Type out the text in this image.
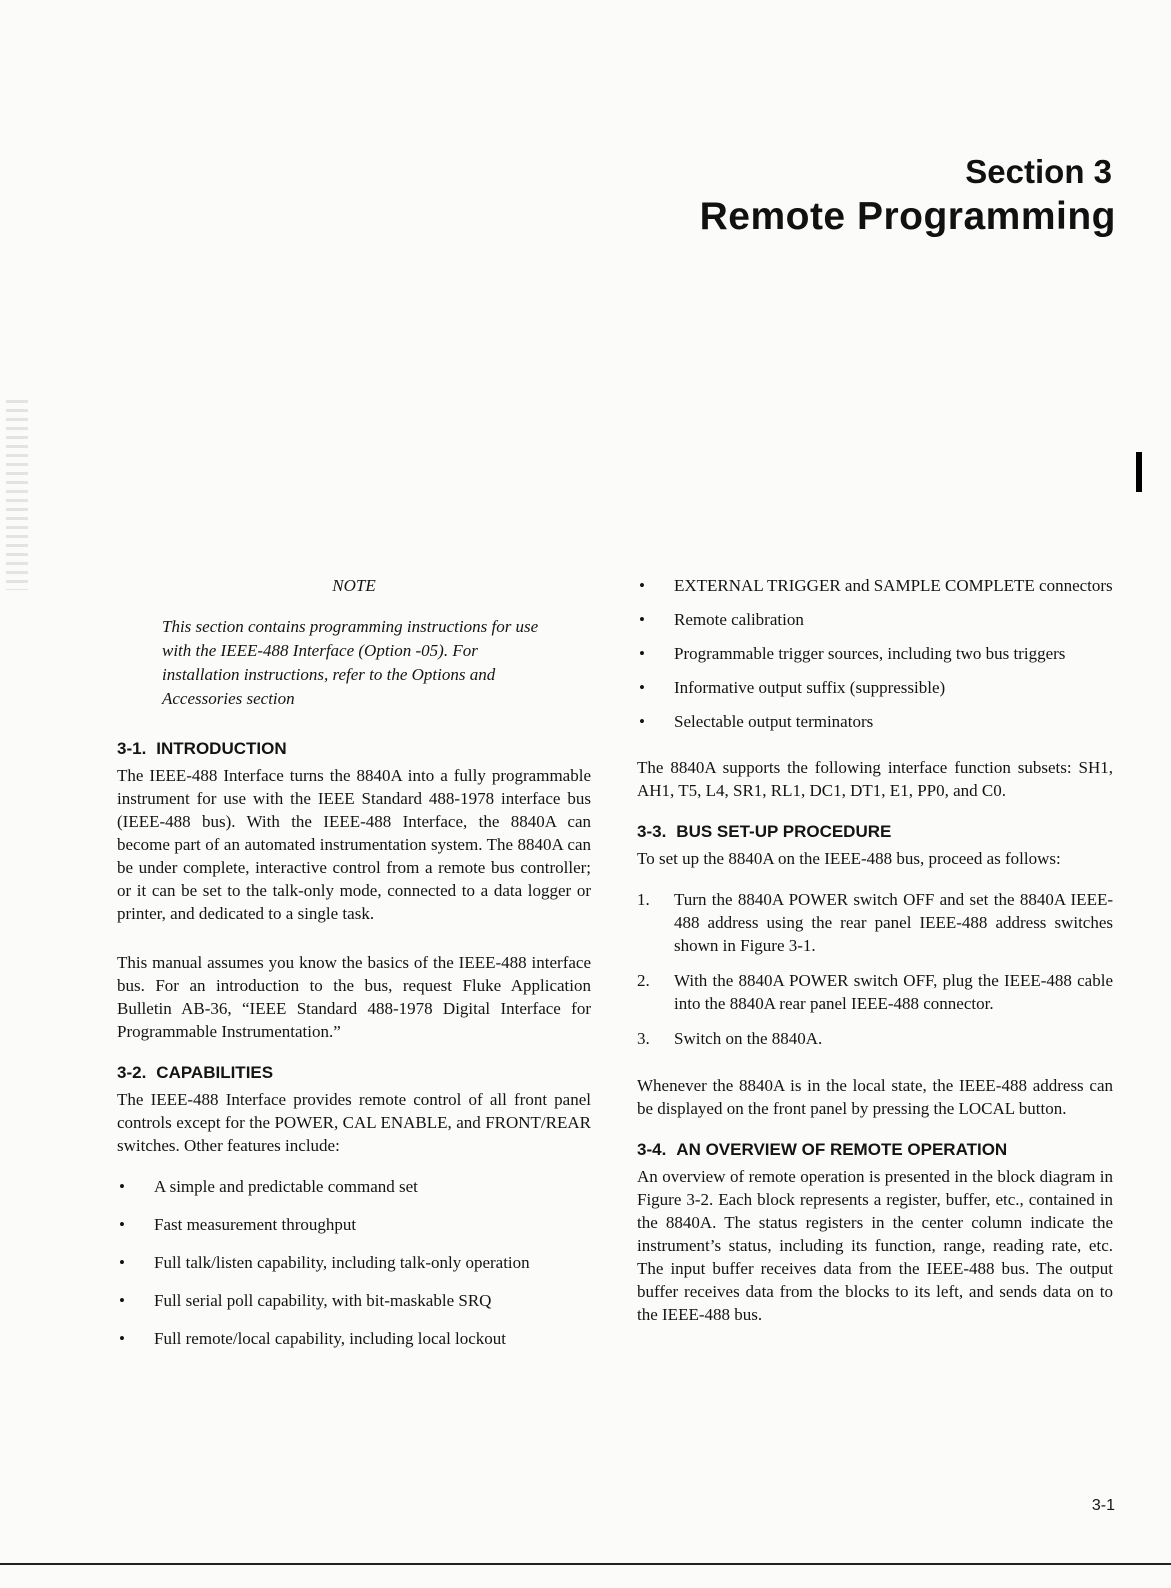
Section 3
Remote Programming
NOTE

This section contains programming instructions for use with the IEEE-488 Interface (Option -05). For installation instructions, refer to the Options and Accessories section

3-1. INTRODUCTION

The IEEE-488 Interface turns the 8840A into a fully programmable instrument for use with the IEEE Standard 488-1978 interface bus (IEEE-488 bus). With the IEEE-488 Interface, the 8840A can become part of an automated instrumentation system. The 8840A can be under complete, interactive control from a remote bus controller; or it can be set to the talk-only mode, connected to a data logger or printer, and dedicated to a single task.

This manual assumes you know the basics of the IEEE-488 interface bus. For an introduction to the bus, request Fluke Application Bulletin AB-36, “IEEE Standard 488-1978 Digital Interface for Programmable Instrumentation.”

3-2. CAPABILITIES

The IEEE-488 Interface provides remote control of all front panel controls except for the POWER, CAL ENABLE, and FRONT/REAR switches. Other features include:

• A simple and predictable command set
• Fast measurement throughput
• Full talk/listen capability, including talk-only operation
• Full serial poll capability, with bit-maskable SRQ
• Full remote/local capability, including local lockout
• EXTERNAL TRIGGER and SAMPLE COMPLETE connectors
• Remote calibration
• Programmable trigger sources, including two bus triggers
• Informative output suffix (suppressible)
• Selectable output terminators

The 8840A supports the following interface function subsets: SH1, AH1, T5, L4, SR1, RL1, DC1, DT1, E1, PP0, and C0.

3-3. BUS SET-UP PROCEDURE

To set up the 8840A on the IEEE-488 bus, proceed as follows:

1. Turn the 8840A POWER switch OFF and set the 8840A IEEE-488 address using the rear panel IEEE-488 address switches shown in Figure 3-1.
2. With the 8840A POWER switch OFF, plug the IEEE-488 cable into the 8840A rear panel IEEE-488 connector.
3. Switch on the 8840A.

Whenever the 8840A is in the local state, the IEEE-488 address can be displayed on the front panel by pressing the LOCAL button.

3-4. AN OVERVIEW OF REMOTE OPERATION

An overview of remote operation is presented in the block diagram in Figure 3-2. Each block represents a register, buffer, etc., contained in the 8840A. The status registers in the center column indicate the instrument’s status, including its function, range, reading rate, etc. The input buffer receives data from the IEEE-488 bus. The output buffer receives data from the blocks to its left, and sends data on to the IEEE-488 bus.

3-1
